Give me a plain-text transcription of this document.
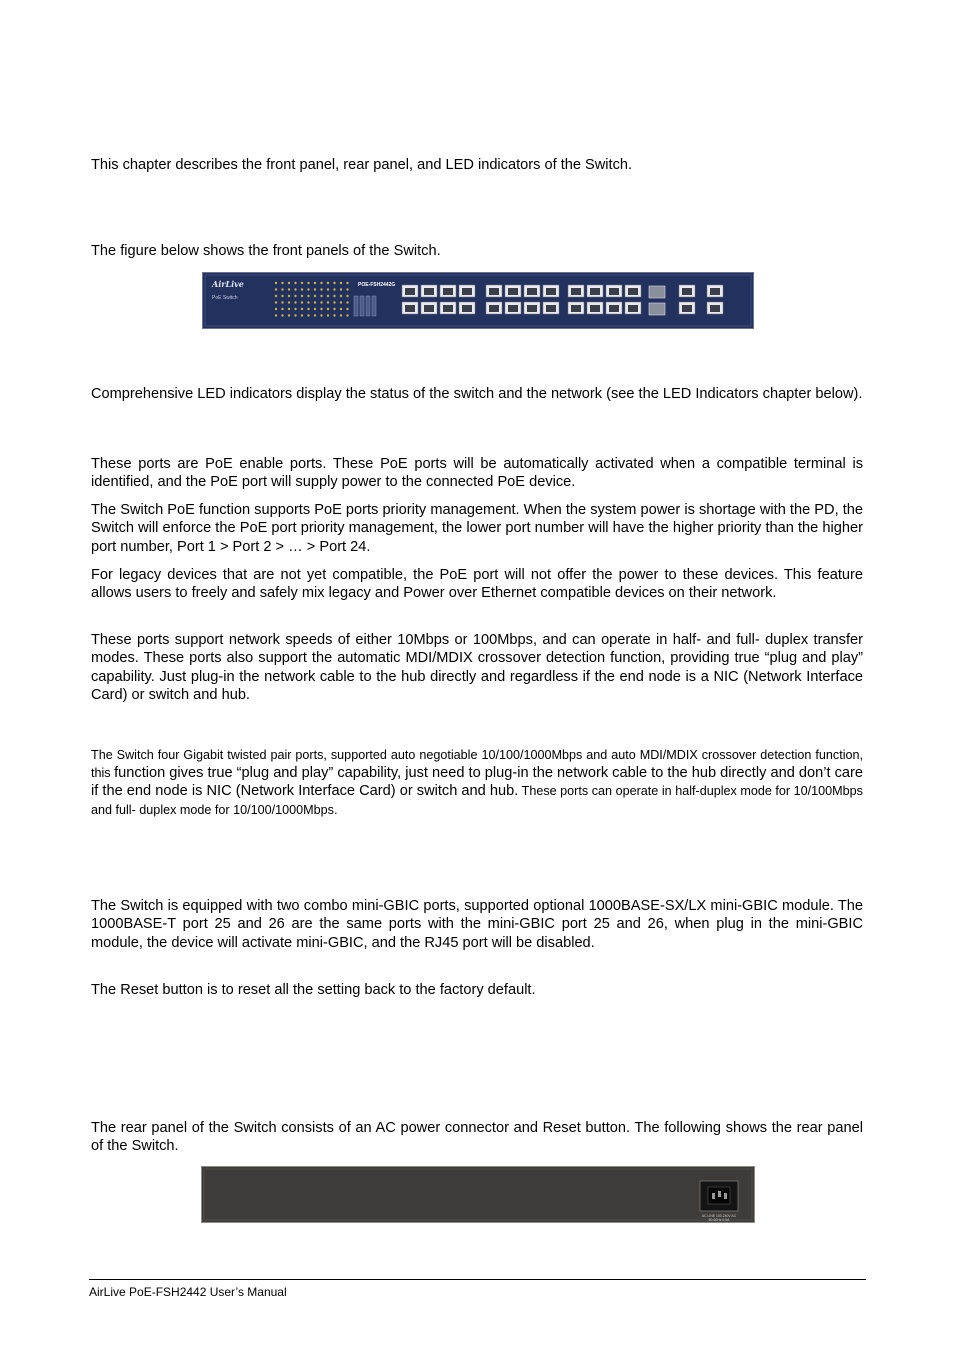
This chapter describes the front panel, rear panel, and LED indicators of the Switch.

The figure below shows the front panels of the Switch.

AirLive
PoE Switch
POE-FSH2442G

Comprehensive LED indicators display the status of the switch and the network (see the LED Indicators chapter below).

These ports are PoE enable ports. These PoE ports will be automatically activated when a compatible terminal is identified, and the PoE port will supply power to the connected PoE device.

The Switch PoE function supports PoE ports priority management. When the system power is shortage with the PD, the Switch will enforce the PoE port priority management, the lower port number will have the higher priority than the higher port number, Port 1 > Port 2 > … > Port 24.

For legacy devices that are not yet compatible, the PoE port will not offer the power to these devices. This feature allows users to freely and safely mix legacy and Power over Ethernet compatible devices on their network.

These ports support network speeds of either 10Mbps or 100Mbps, and can operate in half- and full- duplex transfer modes. These ports also support the automatic MDI/MDIX crossover detection function, providing true “plug and play” capability. Just plug-in the network cable to the hub directly and regardless if the end node is a NIC (Network Interface Card) or switch and hub.

The Switch four Gigabit twisted pair ports, supported auto negotiable 10/100/1000Mbps and auto MDI/MDIX crossover detection function, this function gives true “plug and play” capability, just need to plug-in the network cable to the hub directly and don’t care if the end node is NIC (Network Interface Card) or switch and hub. These ports can operate in half-duplex mode for 10/100Mbps and full- duplex mode for 10/100/1000Mbps.

The Switch is equipped with two combo mini-GBIC ports, supported optional 1000BASE-SX/LX mini-GBIC module. The 1000BASE-T port 25 and 26 are the same ports with the mini-GBIC port 25 and 26, when plug in the mini-GBIC module, the device will activate mini-GBIC, and the RJ45 port will be disabled.

The Reset button is to reset all the setting back to the factory default.

The rear panel of the Switch consists of an AC power connector and Reset button. The following shows the rear panel of the Switch.

AC LINE 100-240V AC
50-60Hz 0.5A
AirLive PoE-FSH2442 User’s Manual
